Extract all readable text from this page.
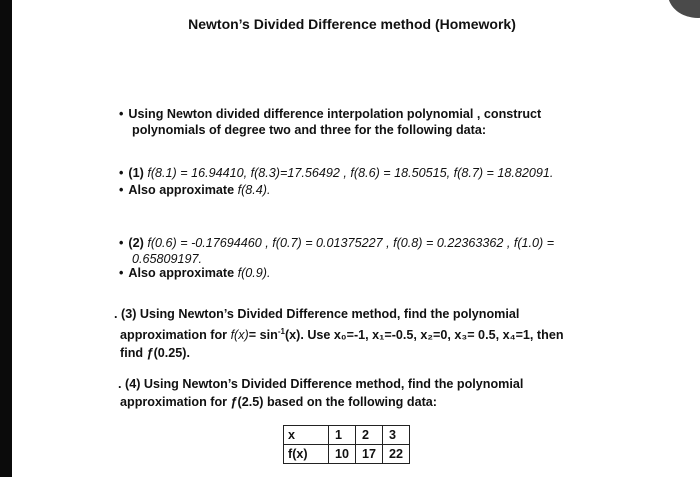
Newton’s Divided Difference method (Homework)
• Using Newton divided difference interpolation polynomial , construct
polynomials of degree two and three for the following data:
• (1) f(8.1) = 16.94410, f(8.3)=17.56492 , f(8.6) = 18.50515, f(8.7) = 18.82091.
• Also approximate f(8.4).
• (2) f(0.6) = -0.17694460 , f(0.7) = 0.01375227 , f(0.8) = 0.22363362 , f(1.0) =
0.65809197.
• Also approximate f(0.9).
. (3) Using Newton’s Divided Difference method, find the polynomial
approximation for $f(x)= \sin^{-1}(x)$. Use x₀=-1, x₁=-0.5, x₂=0, x₃= 0.5, x₄=1, then
find ƒ(0.25).
. (4) Using Newton’s Divided Difference method, find the polynomial
approximation for ƒ(2.5) based on the following data:
x	1	2	3
f(x)	10	17	22
